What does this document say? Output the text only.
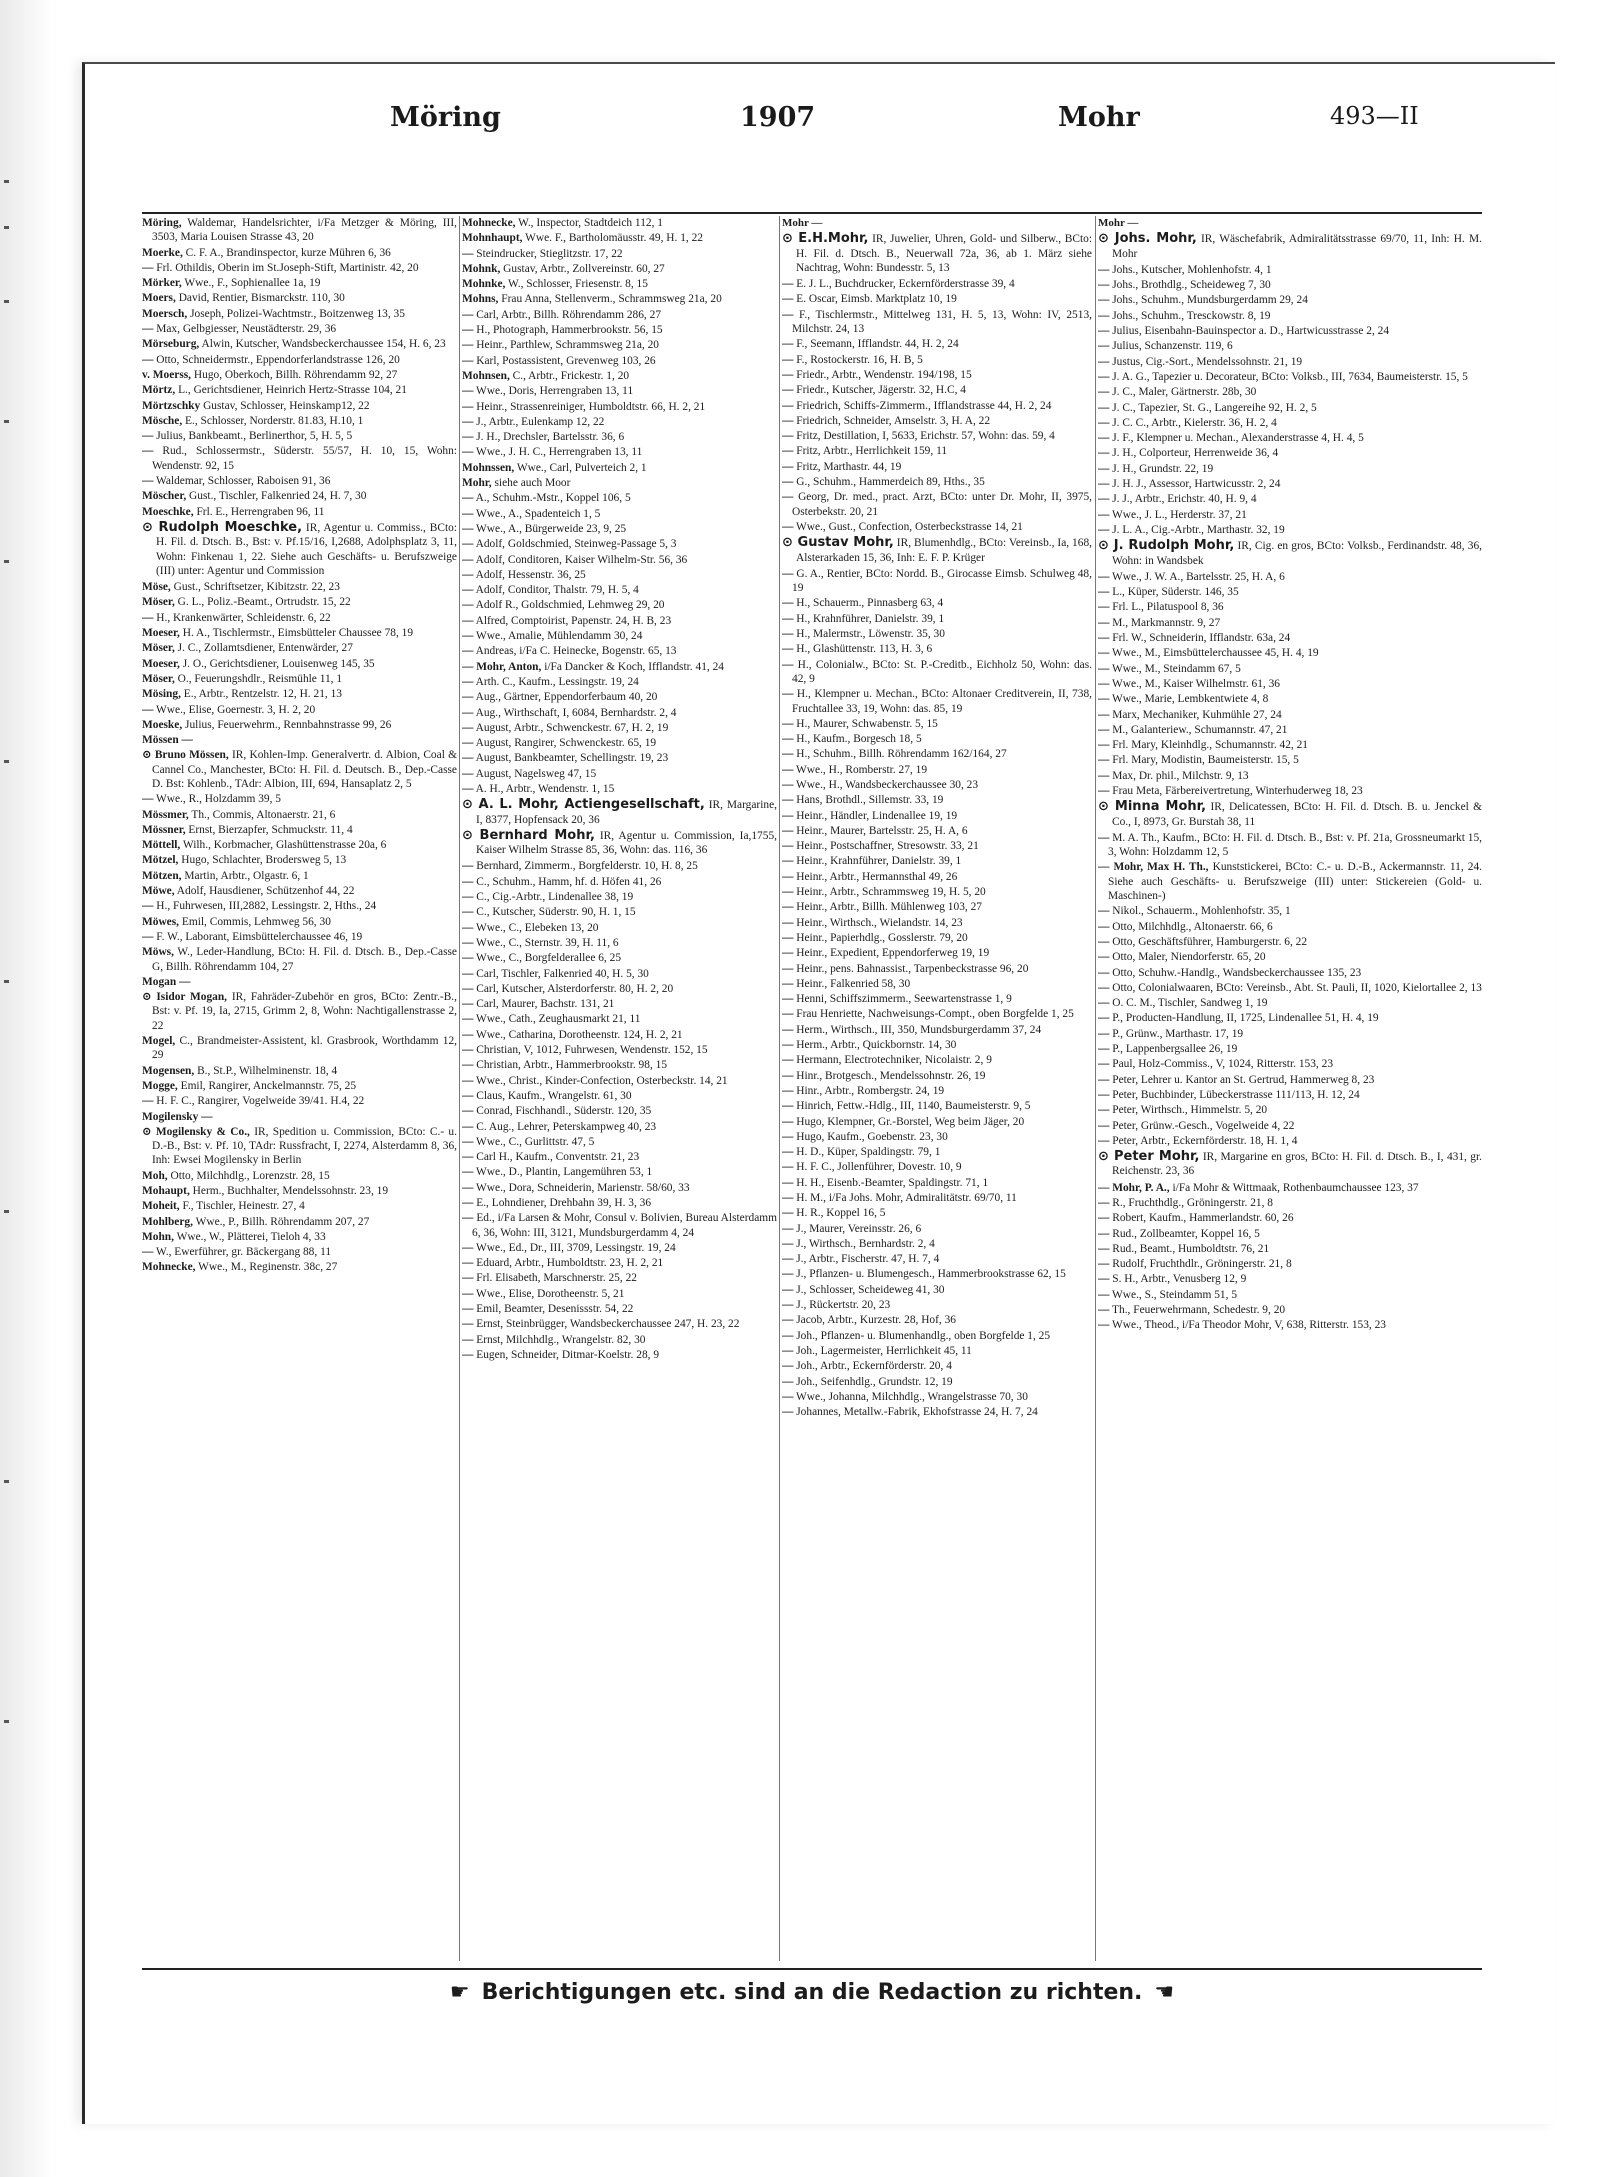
Möring	1907	Mohr	493—II
Möring, Waldemar, Handelsrichter, i/Fa Metzger & Möring, III, 3503, Maria Louisen Strasse 43, 20
Moerke, C. F. A., Brandinspector, kurze Mühren 6, 36
— Frl. Othildis, Oberin im St.Joseph-Stift, Martinistr. 42, 20
Mörker, Wwe., F., Sophienallee 1a, 19
Moers, David, Rentier, Bismarckstr. 110, 30
Moersch, Joseph, Polizei-Wachtmstr., Boitzenweg 13, 35
— Max, Gelbgiesser, Neustädterstr. 29, 36
Mörseburg, Alwin, Kutscher, Wandsbeckerchaussee 154, H. 6, 23
— Otto, Schneidermstr., Eppendorferlandstrasse 126, 20
v. Moerss, Hugo, Oberkoch, Billh. Röhrendamm 92, 27
Mörtz, L., Gerichtsdiener, Heinrich Hertz-Strasse 104, 21
Mörtzschky Gustav, Schlosser, Heinskamp12, 22
Mösche, E., Schlosser, Norderstr. 81.83, H.10, 1
— Julius, Bankbeamt., Berlinerthor, 5, H. 5, 5
— Rud., Schlossermstr., Süderstr. 55/57, H. 10, 15, Wohn: Wendenstr. 92, 15
— Waldemar, Schlosser, Raboisen 91, 36
Möscher, Gust., Tischler, Falkenried 24, H. 7, 30
Moeschke, Frl. E., Herrengraben 96, 11
⊙ Rudolph Moeschke, IR, Agentur u. Commiss., BCto: H. Fil. d. Dtsch. B., Bst: v. Pf.15/16, I,2688, Adolphsplatz 3, 11, Wohn: Finkenau 1, 22. Siehe auch Geschäfts- u. Berufszweige (III) unter: Agentur und Commission
Möse, Gust., Schriftsetzer, Kibitzstr. 22, 23
Möser, G. L., Poliz.-Beamt., Ortrudstr. 15, 22
— H., Krankenwärter, Schleidenstr. 6, 22
Moeser, H. A., Tischlermstr., Eimsbütteler Chaussee 78, 19
Möser, J. C., Zollamtsdiener, Entenwärder, 27
Moeser, J. O., Gerichtsdiener, Louisenweg 145, 35
Möser, O., Feuerungshdlr., Reismühle 11, 1
Mösing, E., Arbtr., Rentzelstr. 12, H. 21, 13
— Wwe., Elise, Goernestr. 3, H. 2, 20
Moeske, Julius, Feuerwehrm., Rennbahnstrasse 99, 26
Mössen —
⊙ Bruno Mössen, IR, Kohlen-Imp. Generalvertr. d. Albion, Coal & Cannel Co., Manchester, BCto: H. Fil. d. Deutsch. B., Dep.-Casse D. Bst: Kohlenb., TAdr: Albion, III, 694, Hansaplatz 2, 5
— Wwe., R., Holzdamm 39, 5
Mössmer, Th., Commis, Altonaerstr. 21, 6
Mössner, Ernst, Bierzapfer, Schmuckstr. 11, 4
Möttell, Wilh., Korbmacher, Glashüttenstrasse 20a, 6
Mötzel, Hugo, Schlachter, Brodersweg 5, 13
Mötzen, Martin, Arbtr., Olgastr. 6, 1
Möwe, Adolf, Hausdiener, Schützenhof 44, 22
— H., Fuhrwesen, III,2882, Lessingstr. 2, Hths., 24
Möwes, Emil, Commis, Lehmweg 56, 30
— F. W., Laborant, Eimsbüttelerchaussee 46, 19
Möws, W., Leder-Handlung, BCto: H. Fil. d. Dtsch. B., Dep.-Casse G, Billh. Röhrendamm 104, 27
Mogan —
⊙ Isidor Mogan, IR, Fahräder-Zubehör en gros, BCto: Zentr.-B., Bst: v. Pf. 19, Ia, 2715, Grimm 2, 8, Wohn: Nachtigallenstrasse 2, 22
Mogel, C., Brandmeister-Assistent, kl. Grasbrook, Worthdamm 12, 29
Mogensen, B., St.P., Wilhelminenstr. 18, 4
Mogge, Emil, Rangirer, Anckelmannstr. 75, 25
— H. F. C., Rangirer, Vogelweide 39/41. H.4, 22
Mogilensky —
⊙ Mogilensky & Co., IR, Spedition u. Commission, BCto: C.- u. D.-B., Bst: v. Pf. 10, TAdr: Russfracht, I, 2274, Alsterdamm 8, 36, Inh: Ewsei Mogilensky in Berlin
Moh, Otto, Milchhdlg., Lorenzstr. 28, 15
Mohaupt, Herm., Buchhalter, Mendelssohnstr. 23, 19
Moheit, F., Tischler, Heinestr. 27, 4
Mohlberg, Wwe., P., Billh. Röhrendamm 207, 27
Mohn, Wwe., W., Plätterei, Tieloh 4, 33
— W., Ewerführer, gr. Bäckergang 88, 11
Mohnecke, Wwe., M., Reginenstr. 38c, 27
Mohnecke, W., Inspector, Stadtdeich 112, 1
Mohnhaupt, Wwe. F., Bartholomäusstr. 49, H. 1, 22
— Steindrucker, Stieglitzstr. 17, 22
Mohnk, Gustav, Arbtr., Zollvereinstr. 60, 27
Mohnke, W., Schlosser, Friesenstr. 8, 15
Mohns, Frau Anna, Stellenverm., Schrammsweg 21a, 20
— Carl, Arbtr., Billh. Röhrendamm 286, 27
— H., Photograph, Hammerbrookstr. 56, 15
— Heinr., Parthlew, Schrammsweg 21a, 20
— Karl, Postassistent, Grevenweg 103, 26
Mohnsen, C., Arbtr., Frickestr. 1, 20
— Wwe., Doris, Herrengraben 13, 11
— Heinr., Strassenreiniger, Humboldtstr. 66, H. 2, 21
— J., Arbtr., Eulenkamp 12, 22
— J. H., Drechsler, Bartelsstr. 36, 6
— Wwe., J. H. C., Herrengraben 13, 11
Mohnssen, Wwe., Carl, Pulverteich 2, 1
Mohr, siehe auch Moor
— A., Schuhm.-Mstr., Koppel 106, 5
— Wwe., A., Spadenteich 1, 5
— Wwe., A., Bürgerweide 23, 9, 25
— Adolf, Goldschmied, Steinweg-Passage 5, 3
— Adolf, Conditoren, Kaiser Wilhelm-Str. 56, 36
— Adolf, Hessenstr. 36, 25
— Adolf, Conditor, Thalstr. 79, H. 5, 4
— Adolf R., Goldschmied, Lehmweg 29, 20
— Alfred, Comptoirist, Papenstr. 24, H. B, 23
— Wwe., Amalie, Mühlendamm 30, 24
— Andreas, i/Fa C. Heinecke, Bogenstr. 65, 13
— Mohr, Anton, i/Fa Dancker & Koch, Ifflandstr. 41, 24
— Arth. C., Kaufm., Lessingstr. 19, 24
— Aug., Gärtner, Eppendorferbaum 40, 20
— Aug., Wirthschaft, I, 6084, Bernhardstr. 2, 4
— August, Arbtr., Schwenckestr. 67, H. 2, 19
— August, Rangirer, Schwenckestr. 65, 19
— August, Bankbeamter, Schellingstr. 19, 23
— August, Nagelsweg 47, 15
— A. H., Arbtr., Wendenstr. 1, 15
⊙ A. L. Mohr, Actiengesellschaft, IR, Margarine, I, 8377, Hopfensack 20, 36
⊙ Bernhard Mohr, IR, Agentur u. Commission, Ia,1755, Kaiser Wilhelm Strasse 85, 36, Wohn: das. 116, 36
— Bernhard, Zimmerm., Borgfelderstr. 10, H. 8, 25
— C., Schuhm., Hamm, hf. d. Höfen 41, 26
— C., Cig.-Arbtr., Lindenallee 38, 19
— C., Kutscher, Süderstr. 90, H. 1, 15
— Wwe., C., Elebeken 13, 20
— Wwe., C., Sternstr. 39, H. 11, 6
— Wwe., C., Borgfelderallee 6, 25
— Carl, Tischler, Falkenried 40, H. 5, 30
— Carl, Kutscher, Alsterdorferstr. 80, H. 2, 20
— Carl, Maurer, Bachstr. 131, 21
— Wwe., Cath., Zeughausmarkt 21, 11
— Wwe., Catharina, Dorotheenstr. 124, H. 2, 21
— Christian, V, 1012, Fuhrwesen, Wendenstr. 152, 15
— Christian, Arbtr., Hammerbrookstr. 98, 15
— Wwe., Christ., Kinder-Confection, Osterbeckstr. 14, 21
— Claus, Kaufm., Wrangelstr. 61, 30
— Conrad, Fischhandl., Süderstr. 120, 35
— C. Aug., Lehrer, Peterskampweg 40, 23
— Wwe., C., Gurlittstr. 47, 5
— Carl H., Kaufm., Conventstr. 21, 23
— Wwe., D., Plantin, Langemühren 53, 1
— Wwe., Dora, Schneiderin, Marienstr. 58/60, 33
— E., Lohndiener, Drehbahn 39, H. 3, 36
— Ed., i/Fa Larsen & Mohr, Consul v. Bolivien, Bureau Alsterdamm 6, 36, Wohn: III, 3121, Mundsburgerdamm 4, 24
— Wwe., Ed., Dr., III, 3709, Lessingstr. 19, 24
— Eduard, Arbtr., Humboldtstr. 23, H. 2, 21
— Frl. Elisabeth, Marschnerstr. 25, 22
— Wwe., Elise, Dorotheenstr. 5, 21
— Emil, Beamter, Desenissstr. 54, 22
— Ernst, Steinbrügger, Wandsbeckerchaussee 247, H. 23, 22
— Ernst, Milchhdlg., Wrangelstr. 82, 30
— Eugen, Schneider, Ditmar-Koelstr. 28, 9
Mohr —
⊙ E.H.Mohr, IR, Juwelier, Uhren, Gold- und Silberw., BCto: H. Fil. d. Dtsch. B., Neuerwall 72a, 36, ab 1. März siehe Nachtrag, Wohn: Bundesstr. 5, 13
— E. J. L., Buchdrucker, Eckernförderstrasse 39, 4
— E. Oscar, Eimsb. Marktplatz 10, 19
— F., Tischlermstr., Mittelweg 131, H. 5, 13, Wohn: IV, 2513, Milchstr. 24, 13
— F., Seemann, Ifflandstr. 44, H. 2, 24
— F., Rostockerstr. 16, H. B, 5
— Friedr., Arbtr., Wendenstr. 194/198, 15
— Friedr., Kutscher, Jägerstr. 32, H.C, 4
— Friedrich, Schiffs-Zimmerm., Ifflandstrasse 44, H. 2, 24
— Friedrich, Schneider, Amselstr. 3, H. A, 22
— Fritz, Destillation, I, 5633, Erichstr. 57, Wohn: das. 59, 4
— Fritz, Arbtr., Herrlichkeit 159, 11
— Fritz, Marthastr. 44, 19
— G., Schuhm., Hammerdeich 89, Hths., 35
— Georg, Dr. med., pract. Arzt, BCto: unter Dr. Mohr, II, 3975, Osterbekstr. 20, 21
— Wwe., Gust., Confection, Osterbeckstrasse 14, 21
⊙ Gustav Mohr, IR, Blumenhdlg., BCto: Vereinsb., Ia, 168, Alsterarkaden 15, 36, Inh: E. F. P. Krüger
— G. A., Rentier, BCto: Nordd. B., Girocasse Eimsb. Schulweg 48, 19
— H., Schauerm., Pinnasberg 63, 4
— H., Krahnführer, Danielstr. 39, 1
— H., Malermstr., Löwenstr. 35, 30
— H., Glashüttenstr. 113, H. 3, 6
— H., Colonialw., BCto: St. P.-Creditb., Eichholz 50, Wohn: das. 42, 9
— H., Klempner u. Mechan., BCto: Altonaer Creditverein, II, 738, Fruchtallee 33, 19, Wohn: das. 85, 19
— H., Maurer, Schwabenstr. 5, 15
— H., Kaufm., Borgesch 18, 5
— H., Schuhm., Billh. Röhrendamm 162/164, 27
— Wwe., H., Romberstr. 27, 19
— Wwe., H., Wandsbeckerchaussee 30, 23
— Hans, Brothdl., Sillemstr. 33, 19
— Heinr., Händler, Lindenallee 19, 19
— Heinr., Maurer, Bartelsstr. 25, H. A, 6
— Heinr., Postschaffner, Stresowstr. 33, 21
— Heinr., Krahnführer, Danielstr. 39, 1
— Heinr., Arbtr., Hermannsthal 49, 26
— Heinr., Arbtr., Schrammsweg 19, H. 5, 20
— Heinr., Arbtr., Billh. Mühlenweg 103, 27
— Heinr., Wirthsch., Wielandstr. 14, 23
— Heinr., Papierhdlg., Gosslerstr. 79, 20
— Heinr., Expedient, Eppendorferweg 19, 19
— Heinr., pens. Bahnassist., Tarpenbeckstrasse 96, 20
— Heinr., Falkenried 58, 30
— Henni, Schiffszimmerm., Seewartenstrasse 1, 9
— Frau Henriette, Nachweisungs-Compt., oben Borgfelde 1, 25
— Herm., Wirthsch., III, 350, Mundsburgerdamm 37, 24
— Herm., Arbtr., Quickbornstr. 14, 30
— Hermann, Electrotechniker, Nicolaistr. 2, 9
— Hinr., Brotgesch., Mendelssohnstr. 26, 19
— Hinr., Arbtr., Rombergstr. 24, 19
— Hinrich, Fettw.-Hdlg., III, 1140, Baumeisterstr. 9, 5
— Hugo, Klempner, Gr.-Borstel, Weg beim Jäger, 20
— Hugo, Kaufm., Goebenstr. 23, 30
— H. D., Küper, Spaldingstr. 79, 1
— H. F. C., Jollenführer, Dovestr. 10, 9
— H. H., Eisenb.-Beamter, Spaldingstr. 71, 1
— H. M., i/Fa Johs. Mohr, Admiralitätstr. 69/70, 11
— H. R., Koppel 16, 5
— J., Maurer, Vereinsstr. 26, 6
— J., Wirthsch., Bernhardstr. 2, 4
— J., Arbtr., Fischerstr. 47, H. 7, 4
— J., Pflanzen- u. Blumengesch., Hammerbrookstrasse 62, 15
— J., Schlosser, Scheideweg 41, 30
— J., Rückertstr. 20, 23
— Jacob, Arbtr., Kurzestr. 28, Hof, 36
— Joh., Pflanzen- u. Blumenhandlg., oben Borgfelde 1, 25
— Joh., Lagermeister, Herrlichkeit 45, 11
— Joh., Arbtr., Eckernförderstr. 20, 4
— Joh., Seifenhdlg., Grundstr. 12, 19
— Wwe., Johanna, Milchhdlg., Wrangelstrasse 70, 30
— Johannes, Metallw.-Fabrik, Ekhofstrasse 24, H. 7, 24
Mohr —
⊙ Johs. Mohr, IR, Wäschefabrik, Admiralitätsstrasse 69/70, 11, Inh: H. M. Mohr
— Johs., Kutscher, Mohlenhofstr. 4, 1
— Johs., Brothdlg., Scheideweg 7, 30
— Johs., Schuhm., Mundsburgerdamm 29, 24
— Johs., Schuhm., Tresckowstr. 8, 19
— Julius, Eisenbahn-Bauinspector a. D., Hartwicusstrasse 2, 24
— Julius, Schanzenstr. 119, 6
— Justus, Cig.-Sort., Mendelssohnstr. 21, 19
— J. A. G., Tapezier u. Decorateur, BCto: Volksb., III, 7634, Baumeisterstr. 15, 5
— J. C., Maler, Gärtnerstr. 28b, 30
— J. C., Tapezier, St. G., Langereihe 92, H. 2, 5
— J. C. C., Arbtr., Kielerstr. 36, H. 2, 4
— J. F., Klempner u. Mechan., Alexanderstrasse 4, H. 4, 5
— J. H., Colporteur, Herrenweide 36, 4
— J. H., Grundstr. 22, 19
— J. H. J., Assessor, Hartwicusstr. 2, 24
— J. J., Arbtr., Erichstr. 40, H. 9, 4
— Wwe., J. L., Herderstr. 37, 21
— J. L. A., Cig.-Arbtr., Marthastr. 32, 19
⊙ J. Rudolph Mohr, IR, Cig. en gros, BCto: Volksb., Ferdinandstr. 48, 36, Wohn: in Wandsbek
— Wwe., J. W. A., Bartelsstr. 25, H. A, 6
— L., Küper, Süderstr. 146, 35
— Frl. L., Pilatuspool 8, 36
— M., Markmannstr. 9, 27
— Frl. W., Schneiderin, Ifflandstr. 63a, 24
— Wwe., M., Eimsbüttelerchaussee 45, H. 4, 19
— Wwe., M., Steindamm 67, 5
— Wwe., M., Kaiser Wilhelmstr. 61, 36
— Wwe., Marie, Lembkentwiete 4, 8
— Marx, Mechaniker, Kuhmühle 27, 24
— M., Galanteriew., Schumannstr. 47, 21
— Frl. Mary, Kleinhdlg., Schumannstr. 42, 21
— Frl. Mary, Modistin, Baumeisterstr. 15, 5
— Max, Dr. phil., Milchstr. 9, 13
— Frau Meta, Färbereivertretung, Winterhuderweg 18, 23
⊙ Minna Mohr, IR, Delicatessen, BCto: H. Fil. d. Dtsch. B. u. Jenckel & Co., I, 8973, Gr. Burstah 38, 11
— M. A. Th., Kaufm., BCto: H. Fil. d. Dtsch. B., Bst: v. Pf. 21a, Grossneumarkt 15, 3, Wohn: Holzdamm 12, 5
— Mohr, Max H. Th., Kunststickerei, BCto: C.- u. D.-B., Ackermannstr. 11, 24. Siehe auch Geschäfts- u. Berufszweige (III) unter: Stickereien (Gold- u. Maschinen-)
— Nikol., Schauerm., Mohlenhofstr. 35, 1
— Otto, Milchhdlg., Altonaerstr. 66, 6
— Otto, Geschäftsführer, Hamburgerstr. 6, 22
— Otto, Maler, Niendorferstr. 65, 20
— Otto, Schuhw.-Handlg., Wandsbeckerchaussee 135, 23
— Otto, Colonialwaaren, BCto: Vereinsb., Abt. St. Pauli, II, 1020, Kielortallee 2, 13
— O. C. M., Tischler, Sandweg 1, 19
— P., Producten-Handlung, II, 1725, Lindenallee 51, H. 4, 19
— P., Grünw., Marthastr. 17, 19
— P., Lappenbergsallee 26, 19
— Paul, Holz-Commiss., V, 1024, Ritterstr. 153, 23
— Peter, Lehrer u. Kantor an St. Gertrud, Hammerweg 8, 23
— Peter, Buchbinder, Lübeckerstrasse 111/113, H. 12, 24
— Peter, Wirthsch., Himmelstr. 5, 20
— Peter, Grünw.-Gesch., Vogelweide 4, 22
— Peter, Arbtr., Eckernförderstr. 18, H. 1, 4
⊙ Peter Mohr, IR, Margarine en gros, BCto: H. Fil. d. Dtsch. B., I, 431, gr. Reichenstr. 23, 36
— Mohr, P. A., i/Fa Mohr & Wittmaak, Rothenbaumchaussee 123, 37
— R., Fruchthdlg., Gröningerstr. 21, 8
— Robert, Kaufm., Hammerlandstr. 60, 26
— Rud., Zollbeamter, Koppel 16, 5
— Rud., Beamt., Humboldtstr. 76, 21
— Rudolf, Fruchthdlr., Gröningerstr. 21, 8
— S. H., Arbtr., Venusberg 12, 9
— Wwe., S., Steindamm 51, 5
— Th., Feuerwehrmann, Schedestr. 9, 20
— Wwe., Theod., i/Fa Theodor Mohr, V, 638, Ritterstr. 153, 23
☛ Berichtigungen etc. sind an die Redaction zu richten. ☚
